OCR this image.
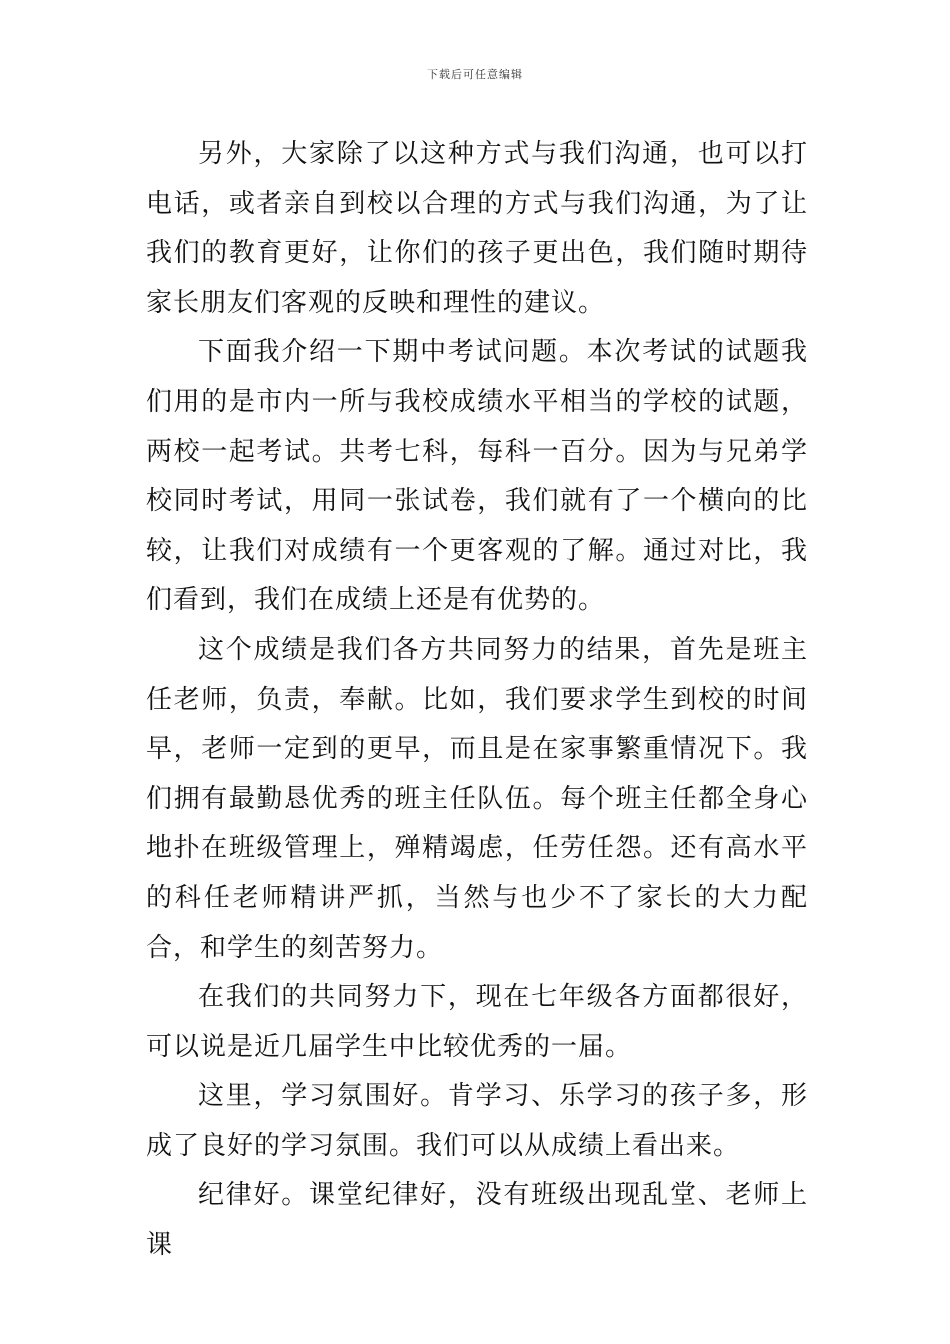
下载后可任意编辑

另外，大家除了以这种方式与我们沟通，也可以打电话，或者亲自到校以合理的方式与我们沟通，为了让我们的教育更好，让你们的孩子更出色，我们随时期待家长朋友们客观的反映和理性的建议。

下面我介绍一下期中考试问题。本次考试的试题我们用的是市内一所与我校成绩水平相当的学校的试题，两校一起考试。共考七科，每科一百分。因为与兄弟学校同时考试，用同一张试卷，我们就有了一个横向的比较，让我们对成绩有一个更客观的了解。通过对比，我们看到，我们在成绩上还是有优势的。

这个成绩是我们各方共同努力的结果，首先是班主任老师，负责，奉献。比如，我们要求学生到校的时间早，老师一定到的更早，而且是在家事繁重情况下。我们拥有最勤恳优秀的班主任队伍。每个班主任都全身心地扑在班级管理上，殚精竭虑，任劳任怨。还有高水平的科任老师精讲严抓，当然与也少不了家长的大力配合，和学生的刻苦努力。

在我们的共同努力下，现在七年级各方面都很好，可以说是近几届学生中比较优秀的一届。

这里，学习氛围好。肯学习、乐学习的孩子多，形成了良好的学习氛围。我们可以从成绩上看出来。

纪律好。课堂纪律好，没有班级出现乱堂、老师上课
